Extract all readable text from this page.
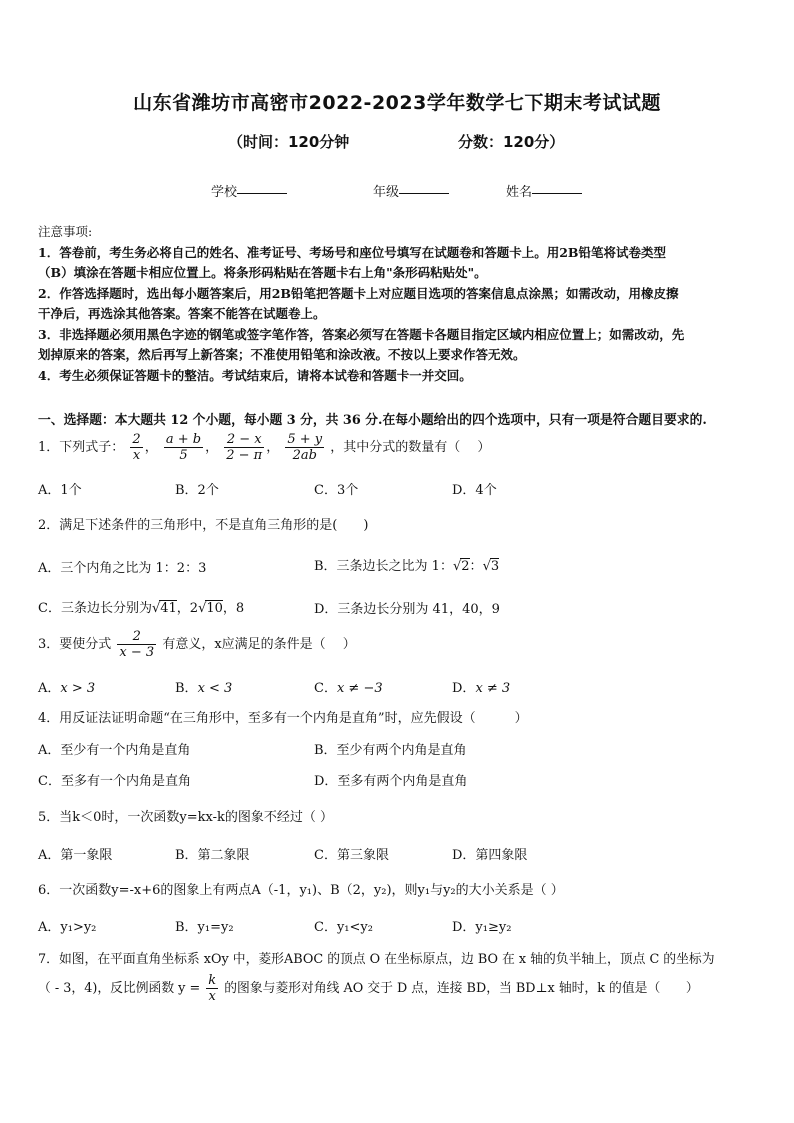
山东省潍坊市高密市2022-2023学年数学七下期末考试试题
（时间：120分钟	分数：120分）
学校	年级	姓名
注意事项:
1．答卷前，考生务必将自己的姓名、准考证号、考场号和座位号填写在试题卷和答题卡上。用2B铅笔将试卷类型
（B）填涂在答题卡相应位置上。将条形码粘贴在答题卡右上角"条形码粘贴处"。
2．作答选择题时，选出每小题答案后，用2B铅笔把答题卡上对应题目选项的答案信息点涂黑；如需改动，用橡皮擦
干净后，再选涂其他答案。答案不能答在试题卷上。
3．非选择题必须用黑色字迹的钢笔或签字笔作答，答案必须写在答题卡各题目指定区域内相应位置上；如需改动，先
划掉原来的答案，然后再写上新答案；不准使用铅笔和涂改液。不按以上要求作答无效。
4．考生必须保证答题卡的整洁。考试结束后，请将本试卷和答题卡一并交回。
一、选择题：本大题共 12 个小题，每小题 3 分，共 36 分.在每小题给出的四个选项中，只有一项是符合题目要求的.
1．下列式子： $\frac{2}{x}$ ， $\frac{a + b}{5}$ ， $\frac{2 - x}{2 - \pi}$ ， $\frac{5 + y}{2ab}$ ，其中分式的数量有（　 ）
A．1个	B．2个	C．3个	D．4个
2．满足下述条件的三角形中，不是直角三角形的是(　　)
A．三个内角之比为 1：2：3	B．三条边长之比为 1：√2：√3
C．三条边长分别为√41，2√10，8	D．三条边长分别为 41，40，9
3．要使分式 $\frac{2}{x - 3}$ 有意义，x应满足的条件是（　 ）
A．x > 3	B．x < 3	C．x ≠ −3	D．x ≠ 3
4．用反证法证明命题“在三角形中，至多有一个内角是直角”时，应先假设（　　　）
A．至少有一个内角是直角	B．至少有两个内角是直角
C．至多有一个内角是直角	D．至多有两个内角是直角
5．当k＜0时，一次函数y=kx-k的图象不经过（ ）
A．第一象限	B．第二象限	C．第三象限	D．第四象限
6．一次函数y=-x+6的图象上有两点A（-1，y₁)、B（2，y₂)，则y₁与y₂的大小关系是（ ）
A．y₁>y₂	B．y₁=y₂	C．y₁<y₂	D．y₁≥y₂
7．如图，在平面直角坐标系 xOy 中，菱形ABOC 的顶点 O 在坐标原点，边 BO 在 x 轴的负半轴上，顶点 C 的坐标为
（ - 3，4)，反比例函数 $y = \frac{k}{x}$ 的图象与菱形对角线 AO 交于 D 点，连接 BD，当 BD⊥x 轴时，k 的值是（　　）
